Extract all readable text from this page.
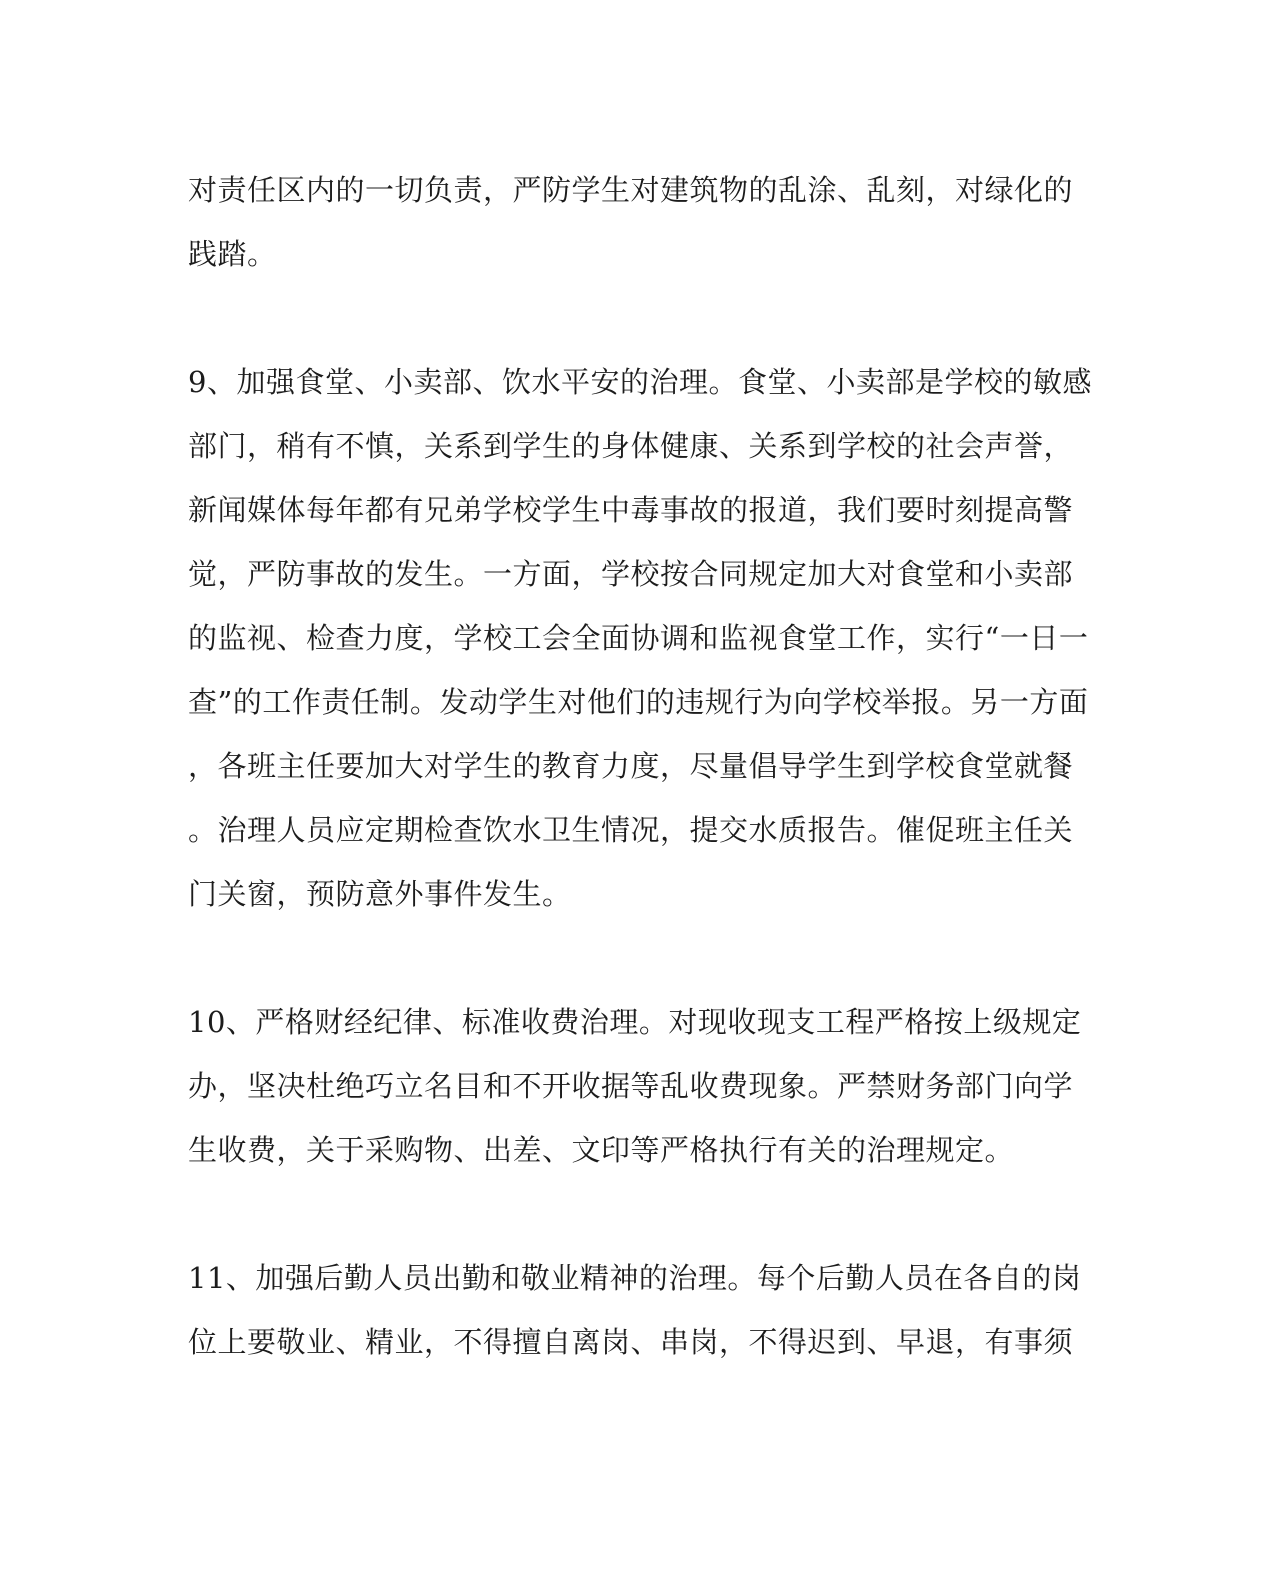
对责任区内的一切负责，严防学生对建筑物的乱涂、乱刻，对绿化的
践踏。
9、加强食堂、小卖部、饮水平安的治理。食堂、小卖部是学校的敏感
部门，稍有不慎，关系到学生的身体健康、关系到学校的社会声誉，
新闻媒体每年都有兄弟学校学生中毒事故的报道，我们要时刻提高警
觉，严防事故的发生。一方面，学校按合同规定加大对食堂和小卖部
的监视、检查力度，学校工会全面协调和监视食堂工作，实行“一日一
查”的工作责任制。发动学生对他们的违规行为向学校举报。另一方面
，各班主任要加大对学生的教育力度，尽量倡导学生到学校食堂就餐
。治理人员应定期检查饮水卫生情况，提交水质报告。催促班主任关
门关窗，预防意外事件发生。
10、严格财经纪律、标准收费治理。对现收现支工程严格按上级规定
办，坚决杜绝巧立名目和不开收据等乱收费现象。严禁财务部门向学
生收费，关于采购物、出差、文印等严格执行有关的治理规定。
11、加强后勤人员出勤和敬业精神的治理。每个后勤人员在各自的岗
位上要敬业、精业，不得擅自离岗、串岗，不得迟到、早退，有事须
